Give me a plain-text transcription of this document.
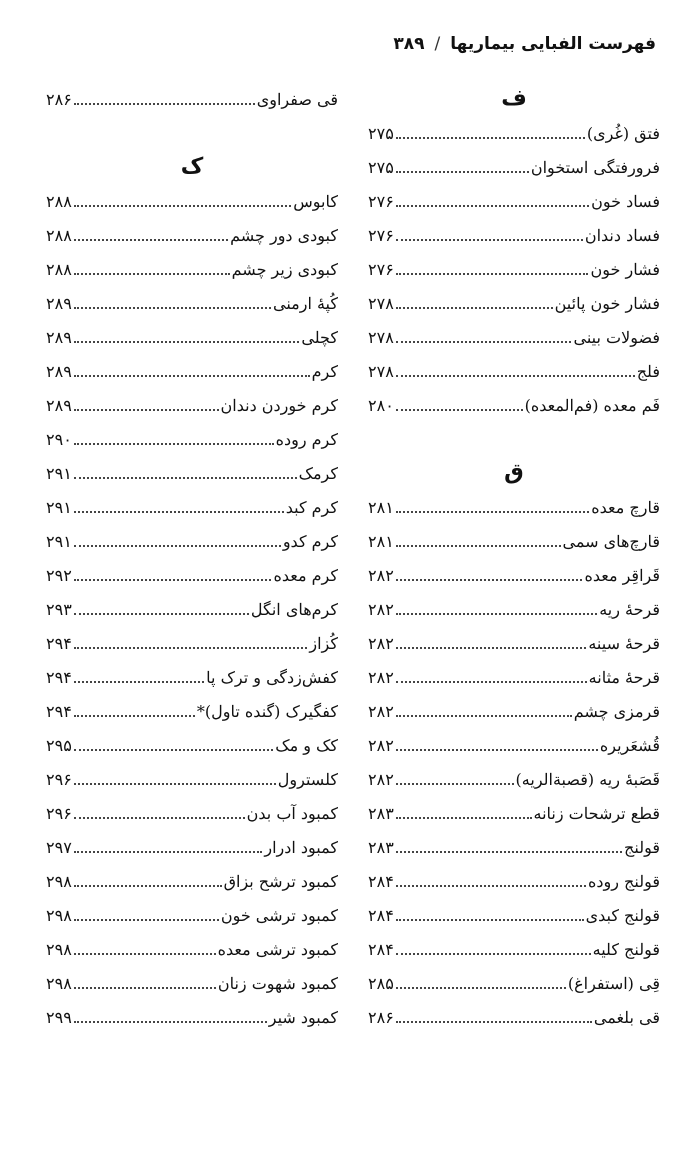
فهرست الفبایی بیماریها
/
۳۸۹
ف
فتق (غُری)
۲۷۵
فرورفتگی استخوان
۲۷۵
فساد خون
۲۷۶
فساد دندان
۲۷۶
فشار خون
۲۷۶
فشار خون پائین
۲۷۸
فضولات بینی
۲۷۸
فلج
۲۷۸
فَم معده (فم‌المعده)
۲۸۰
ق
قارچ معده
۲۸۱
قارچ‌های سمی
۲۸۱
قَراقِر معده
۲۸۲
قرحهٔ ریه
۲۸۲
قرحهٔ سینه
۲۸۲
قرحهٔ مثانه
۲۸۲
قرمزی چشم
۲۸۲
قُشعَریره
۲۸۲
قَصَبهٔ ریه (قصبة‌الریه)
۲۸۲
قطع ترشحات زنانه
۲۸۳
قولنج
۲۸۳
قولنج روده
۲۸۴
قولنج کبدی
۲۸۴
قولنج کلیه
۲۸۴
قِی (استفراغ)
۲۸۵
قی بلغمی
۲۸۶
قی صفراوی
۲۸۶
ک
کابوس
۲۸۸
کبودی دور چشم
۲۸۸
کبودی زیر چشم
۲۸۸
کُپهٔ ارمنی
۲۸۹
کچلی
۲۸۹
کرم
۲۸۹
کرم خوردن دندان
۲۸۹
کرم روده
۲۹۰
کرمک
۲۹۱
کرم کبد
۲۹۱
کرم کدو
۲۹۱
کرم معده
۲۹۲
کرم‌های انگل
۲۹۳
کُزاز
۲۹۴
کفش‌زدگی و ترک پا
۲۹۴
کفگیرک (گنده تاول)*
۲۹۴
کک و مک
۲۹۵
کلسترول
۲۹۶
کمبود آب بدن
۲۹۶
کمبود ادرار
۲۹۷
کمبود ترشح بزاق
۲۹۸
کمبود ترشی خون
۲۹۸
کمبود ترشی معده
۲۹۸
کمبود شهوت زنان
۲۹۸
کمبود شیر
۲۹۹
